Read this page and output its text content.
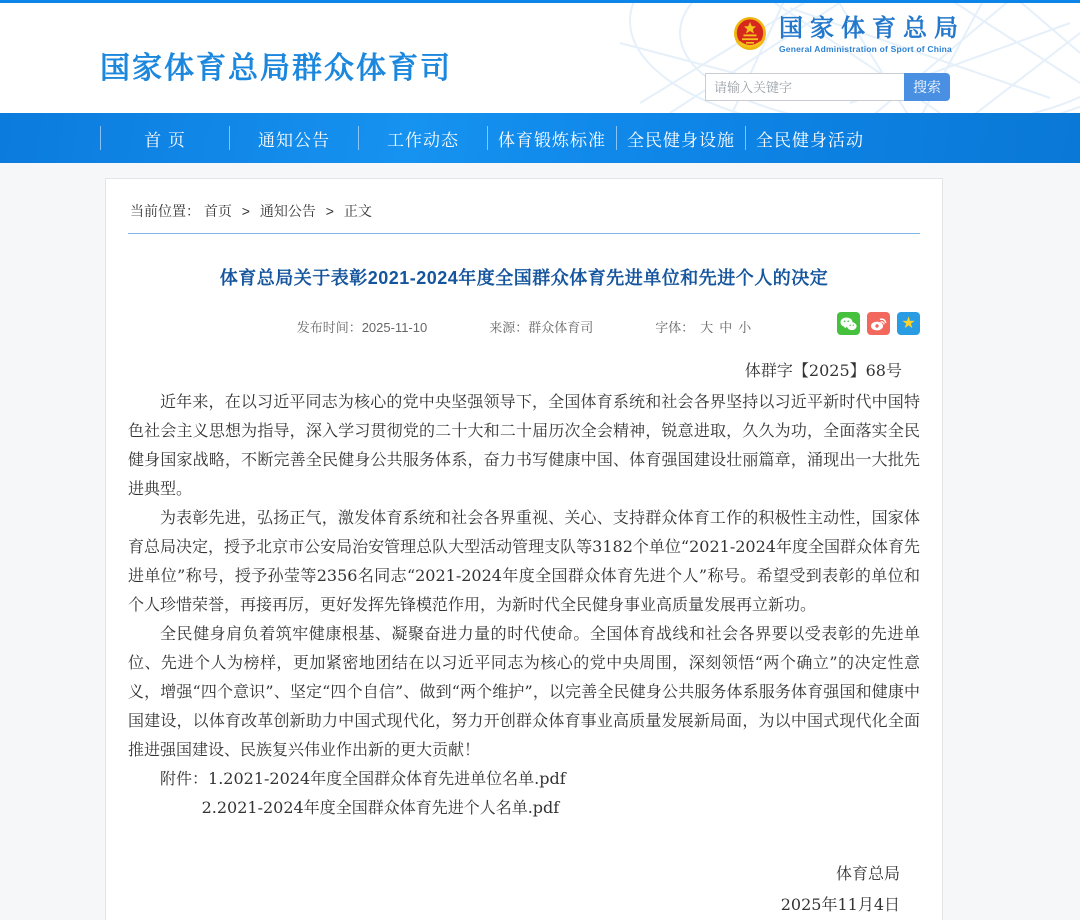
国家体育总局群众体育司
国家体育总局
General Administration of Sport of China
请输入关键字
搜索
首 页	通知公告	工作动态	体育锻炼标准	全民健身设施	全民健身活动
当前位置： 首页 > 通知公告 > 正文
体育总局关于表彰2021-2024年度全国群众体育先进单位和先进个人的决定
发布时间：2025-11-10	来源：群众体育司	字体： 大 中 小	★
体群字【2025】68号

近年来，在以习近平同志为核心的党中央坚强领导下，全国体育系统和社会各界坚持以习近平新时代中国特色社会主义思想为指导，深入学习贯彻党的二十大和二十届历次全会精神，锐意进取，久久为功，全面落实全民健身国家战略，不断完善全民健身公共服务体系，奋力书写健康中国、体育强国建设壮丽篇章，涌现出一大批先进典型。

为表彰先进，弘扬正气，激发体育系统和社会各界重视、关心、支持群众体育工作的积极性主动性，国家体育总局决定，授予北京市公安局治安管理总队大型活动管理支队等3182个单位“2021-2024年度全国群众体育先进单位”称号，授予孙莹等2356名同志“2021-2024年度全国群众体育先进个人”称号。希望受到表彰的单位和个人珍惜荣誉，再接再厉，更好发挥先锋模范作用，为新时代全民健身事业高质量发展再立新功。

全民健身肩负着筑牢健康根基、凝聚奋进力量的时代使命。全国体育战线和社会各界要以受表彰的先进单位、先进个人为榜样，更加紧密地团结在以习近平同志为核心的党中央周围，深刻领悟“两个确立”的决定性意义，增强“四个意识”、坚定“四个自信”、做到“两个维护”，以完善全民健身公共服务体系服务体育强国和健康中国建设，以体育改革创新助力中国式现代化，努力开创群众体育事业高质量发展新局面，为以中国式现代化全面推进强国建设、民族复兴伟业作出新的更大贡献！

附件：1.2021-2024年度全国群众体育先进单位名单.pdf
2.2021-2024年度全国群众体育先进个人名单.pdf
体育总局
2025年11月4日
